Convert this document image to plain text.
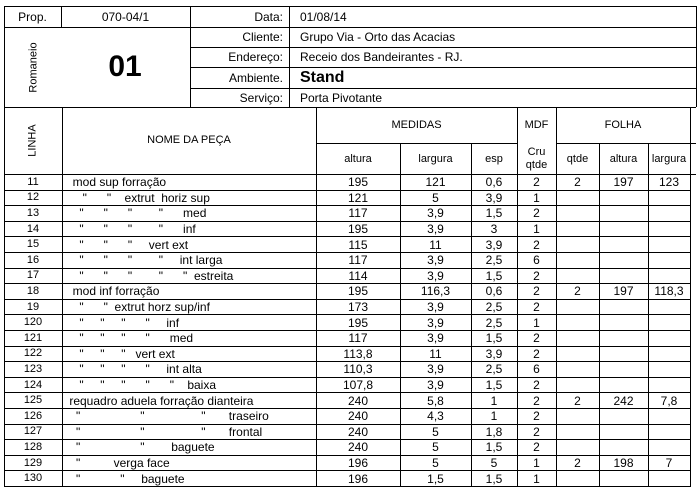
Prop.	070-04/1	Data: 01/08/14
Romaneio	01
Cliente: Grupo Via - Orto das Acacias
Endereço: Receio dos Bandeirantes - RJ.
Ambiente. Stand
Serviço: Porta Pivotante
LINHA	NOME DA PEÇA
MEDIDAS
altura	largura	esp
MDF
Cru
qtde
FOLHA
qtde	altura	largura
11	mod sup forração	195	121	0,6	2	2	197	123
12	"      "    extrut  horiz sup	121	5	3,9	1
13	"      "      "        "      med	117	3,9	1,5	2
14	"      "      "        "      inf	195	3,9	3	1
15	"      "      "     vert ext	115	11	3,9	2
16	"      "      "        "     int larga	117	3,9	2,5	6
17	"      "      "        "      "  estreita	114	3,9	1,5	2
18	mod inf forração	195	116,3	0,6	2	2	197	118,3
19	"      "  extrut horz sup/inf	173	3,9	2,5	2
120	"     "     "      "     inf	195	3,9	2,5	1
121	"     "     "      "      med	117	3,9	1,5	2
122	"     "     "   vert ext	113,8	11	3,9	2
123	"     "     "      "     int alta	110,3	3,9	2,5	6
124	"     "     "      "      "    baixa	107,8	3,9	1,5	2
125	requadro aduela forração dianteira	240	5,8	1	2	2	242	7,8
126	"                  "                 "       traseiro	240	4,3	1	2
127	"                  "                 "       frontal	240	5	1,8	2
128	"                  "        baguete	240	5	1,5	2
129	"          verga face	196	5	5	1	2	198	7
130	"            "     baguete	196	1,5	1,5	1
